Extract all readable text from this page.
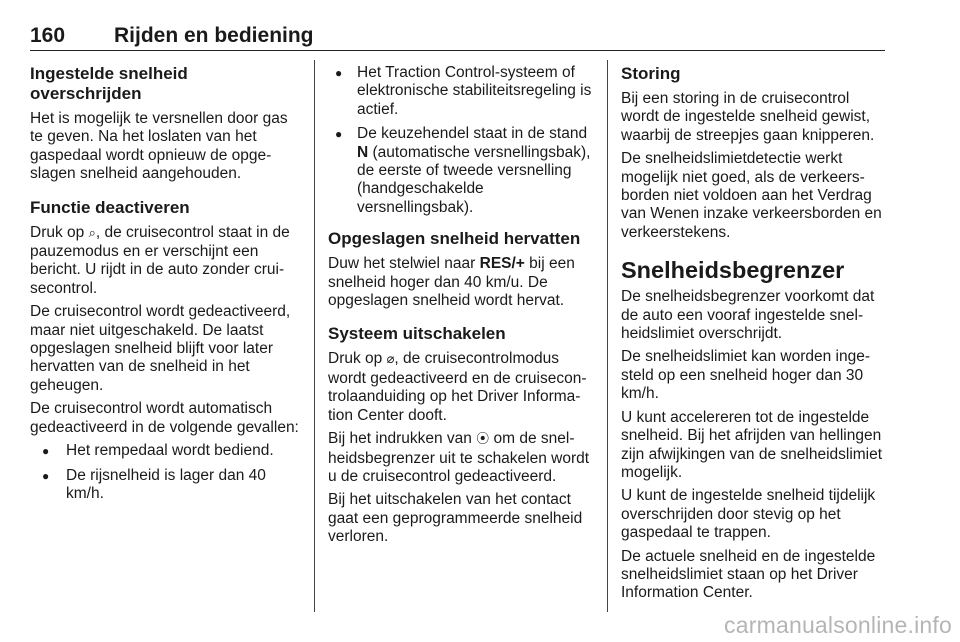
160 Rijden en bediening
Ingestelde snelheid overschrijden

Het is mogelijk te versnellen door gas te geven. Na het loslaten van het gaspedaal wordt opnieuw de opgeslagen snelheid aangehouden.

Functie deactiveren

Druk op ⌕, de cruisecontrol staat in de pauzemodus en er verschijnt een bericht. U rijdt in de auto zonder cruisecontrol.

De cruisecontrol wordt gedeactiveerd, maar niet uitgeschakeld. De laatst opgeslagen snelheid blijft voor later hervatten van de snelheid in het geheugen.

De cruisecontrol wordt automatisch gedeactiveerd in de volgende gevallen:

● Het rempedaal wordt bediend.
● De rijsnelheid is lager dan 40 km/h.
● Het Traction Control-systeem of elektronische stabiliteitsregeling is actief.
● De keuzehendel staat in de stand N (automatische versnellingsbak), de eerste of tweede versnelling (handgeschakelde versnellingsbak).
Opgeslagen snelheid hervatten

Duw het stelwiel naar RES/+ bij een snelheid hoger dan 40 km/u. De opgeslagen snelheid wordt hervat.

Systeem uitschakelen

Druk op ⌀, de cruisecontrolmodus wordt gedeactiveerd en de cruisecontrolaanduiding op het Driver Information Center dooft.

Bij het indrukken van ⦿ om de snelheidsbegrenzer uit te schakelen wordt u de cruisecontrol gedeactiveerd.

Bij het uitschakelen van het contact gaat een geprogrammeerde snelheid verloren.

Storing

Bij een storing in de cruisecontrol wordt de ingestelde snelheid gewist, waarbij de streepjes gaan knipperen.

De snelheidslimietdetectie werkt mogelijk niet goed, als de verkeersborden niet voldoen aan het Verdrag van Wenen inzake verkeersborden en verkeerstekens.

Snelheidsbegrenzer

De snelheidsbegrenzer voorkomt dat de auto een vooraf ingestelde snelheidslimiet overschrijdt.

De snelheidslimiet kan worden ingesteld op een snelheid hoger dan 30 km/h.

U kunt accelereren tot de ingestelde snelheid. Bij het afrijden van hellingen zijn afwijkingen van de snelheidslimiet mogelijk.

U kunt de ingestelde snelheid tijdelijk overschrijden door stevig op het gaspedaal te trappen.

De actuele snelheid en de ingestelde snelheidslimiet staan op het Driver Information Center.

carmanualsonline.info
